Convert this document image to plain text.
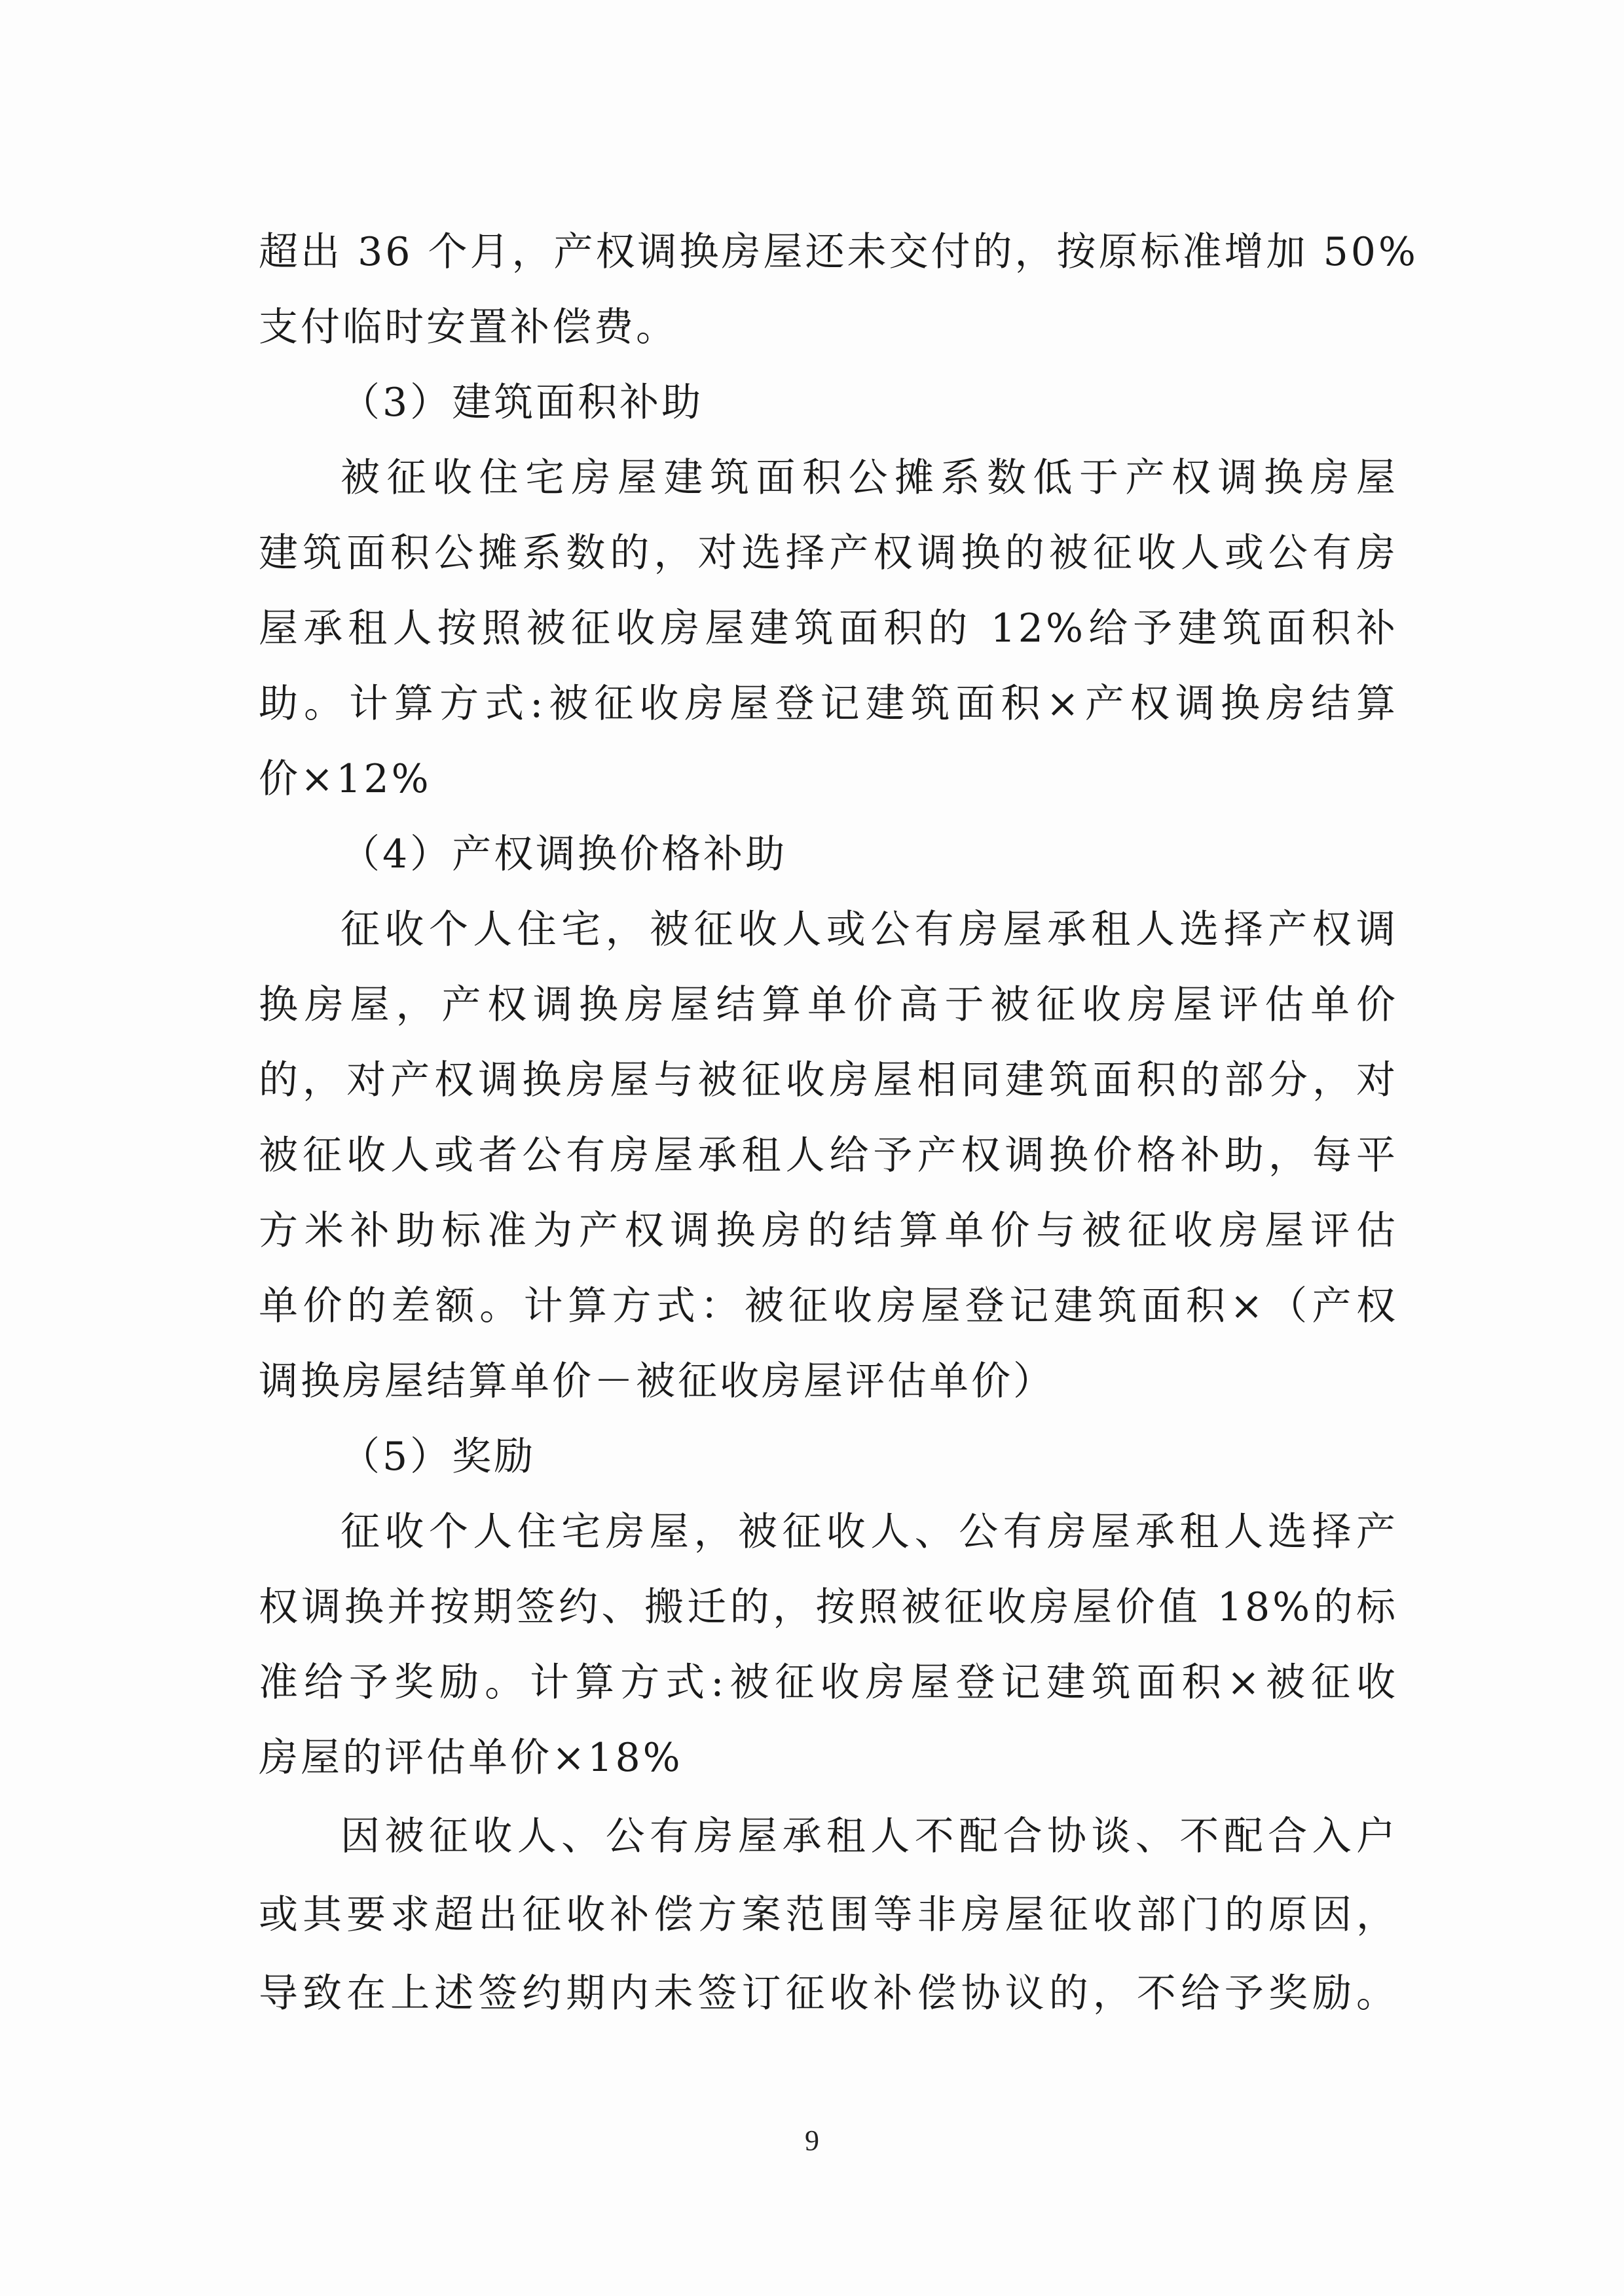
超出 36 个月，产权调换房屋还未交付的，按原标准增加 50%
支付临时安置补偿费。
（3）建筑面积补助
被征收住宅房屋建筑面积公摊系数低于产权调换房屋
建筑面积公摊系数的，对选择产权调换的被征收人或公有房
屋承租人按照被征收房屋建筑面积的 12%给予建筑面积补
助。计算方式:被征收房屋登记建筑面积×产权调换房结算
价×12%
（4）产权调换价格补助
征收个人住宅，被征收人或公有房屋承租人选择产权调
换房屋，产权调换房屋结算单价高于被征收房屋评估单价
的，对产权调换房屋与被征收房屋相同建筑面积的部分，对
被征收人或者公有房屋承租人给予产权调换价格补助，每平
方米补助标准为产权调换房的结算单价与被征收房屋评估
单价的差额。计算方式：被征收房屋登记建筑面积×（产权
调换房屋结算单价－被征收房屋评估单价）
（5）奖励
征收个人住宅房屋，被征收人、公有房屋承租人选择产
权调换并按期签约、搬迁的，按照被征收房屋价值 18%的标
准给予奖励。计算方式:被征收房屋登记建筑面积×被征收
房屋的评估单价×18%
因被征收人、公有房屋承租人不配合协谈、不配合入户
或其要求超出征收补偿方案范围等非房屋征收部门的原因，
导致在上述签约期内未签订征收补偿协议的，不给予奖励。
9
